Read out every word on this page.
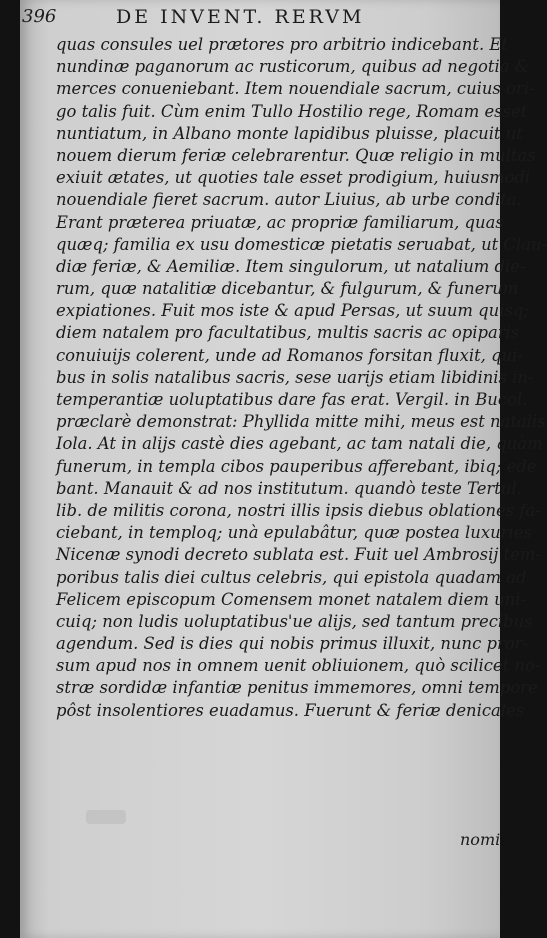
396	DE INVENT. RERVM
quas consules uel prætores pro arbitrio indicebant. Et
nundinæ paganorum ac rusticorum, quibus ad negotia &
merces conueniebant. Item nouendiale sacrum, cuius ori-
go talis fuit. Cùm enim Tullo Hostilio rege, Romam esset
nuntiatum, in Albano monte lapidibus pluisse, placuit ut
nouem dierum feriæ celebrarentur. Quæ religio in multas
exiuit ætates, ut quoties tale esset prodigium, huiusmodi
nouendiale fieret sacrum. autor Liuius, ab urbe condita.
Erant præterea priuatæ, ac propriæ familiarum, quas
quæq; familia ex usu domesticæ pietatis seruabat, ut Clau-
diæ feriæ, & Aemiliæ. Item singulorum, ut natalium die-
rum, quæ natalitiæ dicebantur, & fulgurum, & funerum
expiationes. Fuit mos iste & apud Persas, ut suum quisq;
diem natalem pro facultatibus, multis sacris ac opiparis
conuiuijs colerent, unde ad Romanos forsitan fluxit, qui-
bus in solis natalibus sacris, sese uarijs etiam libidinis in-
temperantiæ uoluptatibus dare fas erat. Vergil. in Bucol.
præclarè demonstrat: Phyllida mitte mihi, meus est natalis
Iola. At in alijs castè dies agebant, ac tam natali die, quàm
funerum, in templa cibos pauperibus afferebant, ibiq; ede
bant. Manauit & ad nos institutum. quandò teste Tertul.
lib. de militis corona, nostri illis ipsis diebus oblationes fa-
ciebant, in temploq; unà epulabâtur, quæ postea luxuries
Nicenæ synodi decreto sublata est. Fuit uel Ambrosij tem-
poribus talis diei cultus celebris, qui epistola quadam ad
Felicem episcopum Comensem monet natalem diem uni-
cuiq; non ludis uoluptatibus'ue alijs, sed tantum precibus
agendum. Sed is dies qui nobis primus illuxit, nunc pror-
sum apud nos in omnem uenit obliuionem, quò scilicet no-
stræ sordidæ infantiæ penitus immemores, omni tempore
pôst insolentiores euadamus. Fuerunt & feriæ denicales
nomi
